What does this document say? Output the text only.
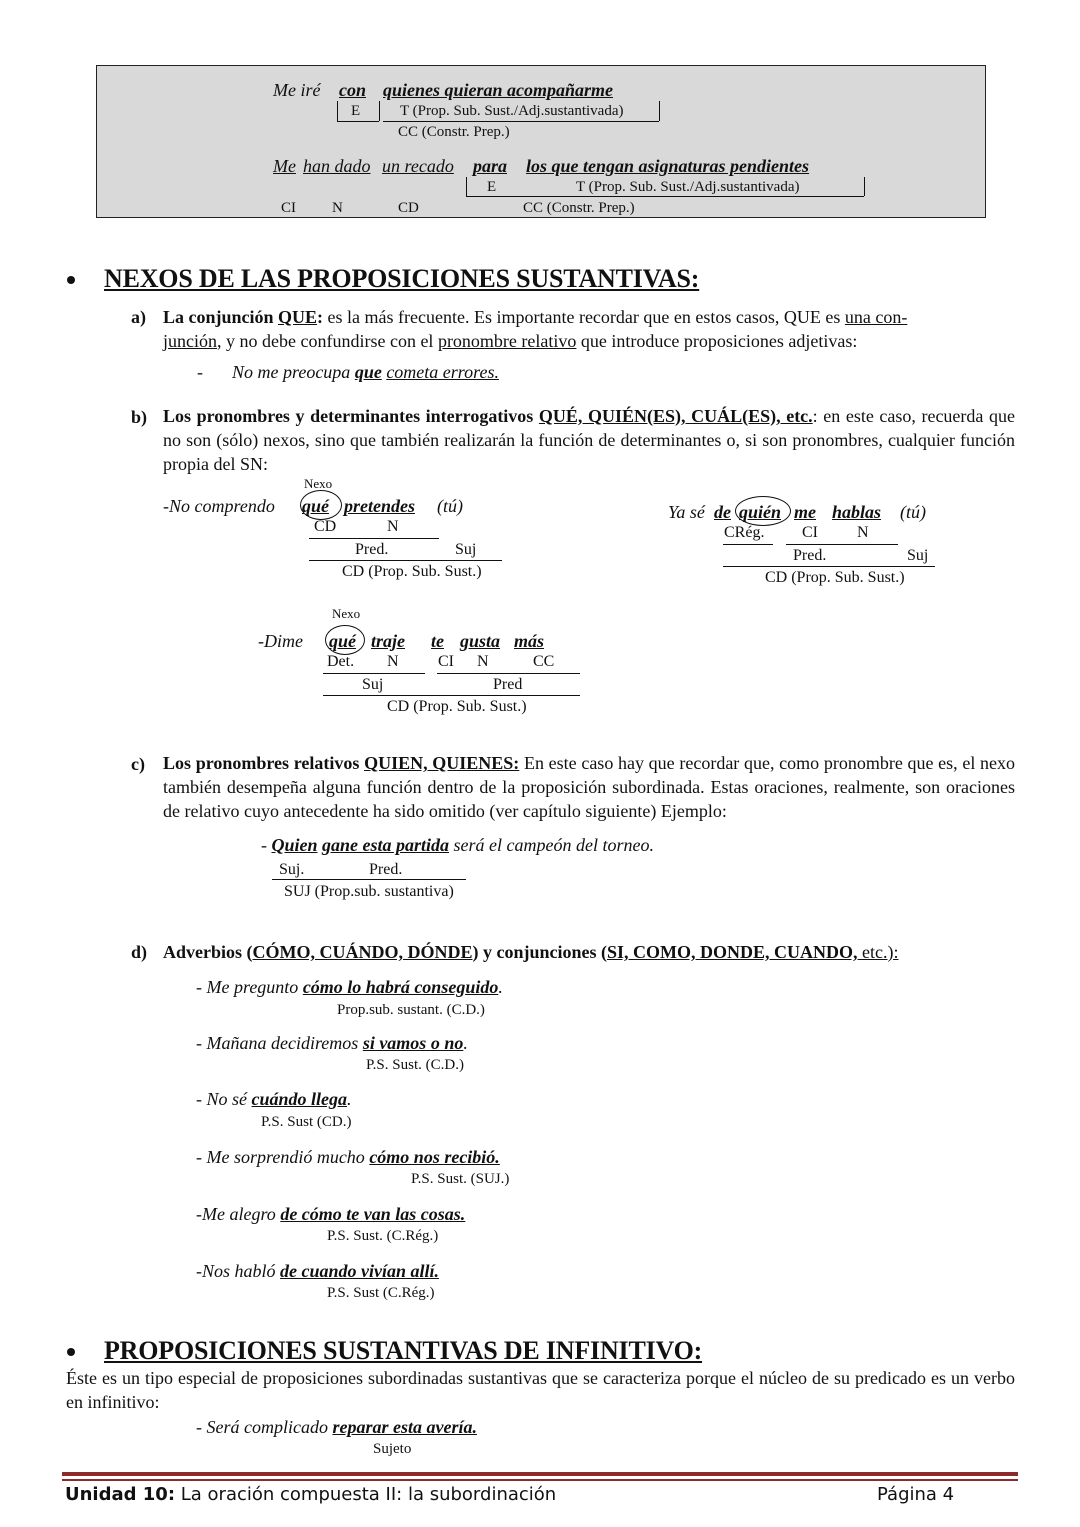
Me iré con quienes quieran acompañarme
E	T (Prop. Sub. Sust./Adj.sustantivada)
CC (Constr. Prep.)
Me han dado un recado para los que tengan asignaturas pendientes
E	T (Prop. Sub. Sust./Adj.sustantivada)
CI N	CD	CC (Constr. Prep.)
NEXOS DE LAS PROPOSICIONES SUSTANTIVAS:
a) La conjunción QUE: es la más frecuente. Es importante recordar que en estos casos, QUE es una con-
junción, y no debe confundirse con el pronombre relativo que introduce proposiciones adjetivas:
- No me preocupa que cometa errores.
b) Los pronombres y determinantes interrogativos QUÉ, QUIÉN(ES), CUÁL(ES), etc.: en este caso, recuerda que no son (sólo) nexos, sino que también realizarán la función de determinantes o, si son pronombres, cualquier función propia del SN:
Nexo
-No comprendo qué pretendes (tú)
CD	N
Pred.	Suj
CD (Prop. Sub. Sust.)
Ya sé de quién me hablas (tú)
CRég. CI N
Pred.	Suj
CD (Prop. Sub. Sust.)
Nexo
-Dime qué traje te gusta más
Det. N CI N	CC
Suj	Pred
CD (Prop. Sub. Sust.)
c) Los pronombres relativos QUIEN, QUIENES: En este caso hay que recordar que, como pronombre que es, el nexo también desempeña alguna función dentro de la proposición subordinada. Estas oraciones, realmente, son oraciones de relativo cuyo antecedente ha sido omitido (ver capítulo siguiente) Ejemplo:
- Quien gane esta partida será el campeón del torneo.
Suj.	Pred.
SUJ (Prop.sub. sustantiva)
d) Adverbios (CÓMO, CUÁNDO, DÓNDE) y conjunciones (SI, COMO, DONDE, CUANDO, etc.):
- Me pregunto cómo lo habrá conseguido.
Prop.sub. sustant. (C.D.)
- Mañana decidiremos si vamos o no.
P.S. Sust. (C.D.)
- No sé cuándo llega.
P.S. Sust (CD.)
- Me sorprendió mucho cómo nos recibió.
P.S. Sust. (SUJ.)
-Me alegro de cómo te van las cosas.
P.S. Sust. (C.Rég.)
-Nos habló de cuando vivían allí.
P.S. Sust (C.Rég.)
PROPOSICIONES SUSTANTIVAS DE INFINITIVO:
Éste es un tipo especial de proposiciones subordinadas sustantivas que se caracteriza porque el núcleo de su predicado es un verbo en infinitivo:
- Será complicado reparar esta avería.
Sujeto
Unidad 10: La oración compuesta II: la subordinación	Página 4
